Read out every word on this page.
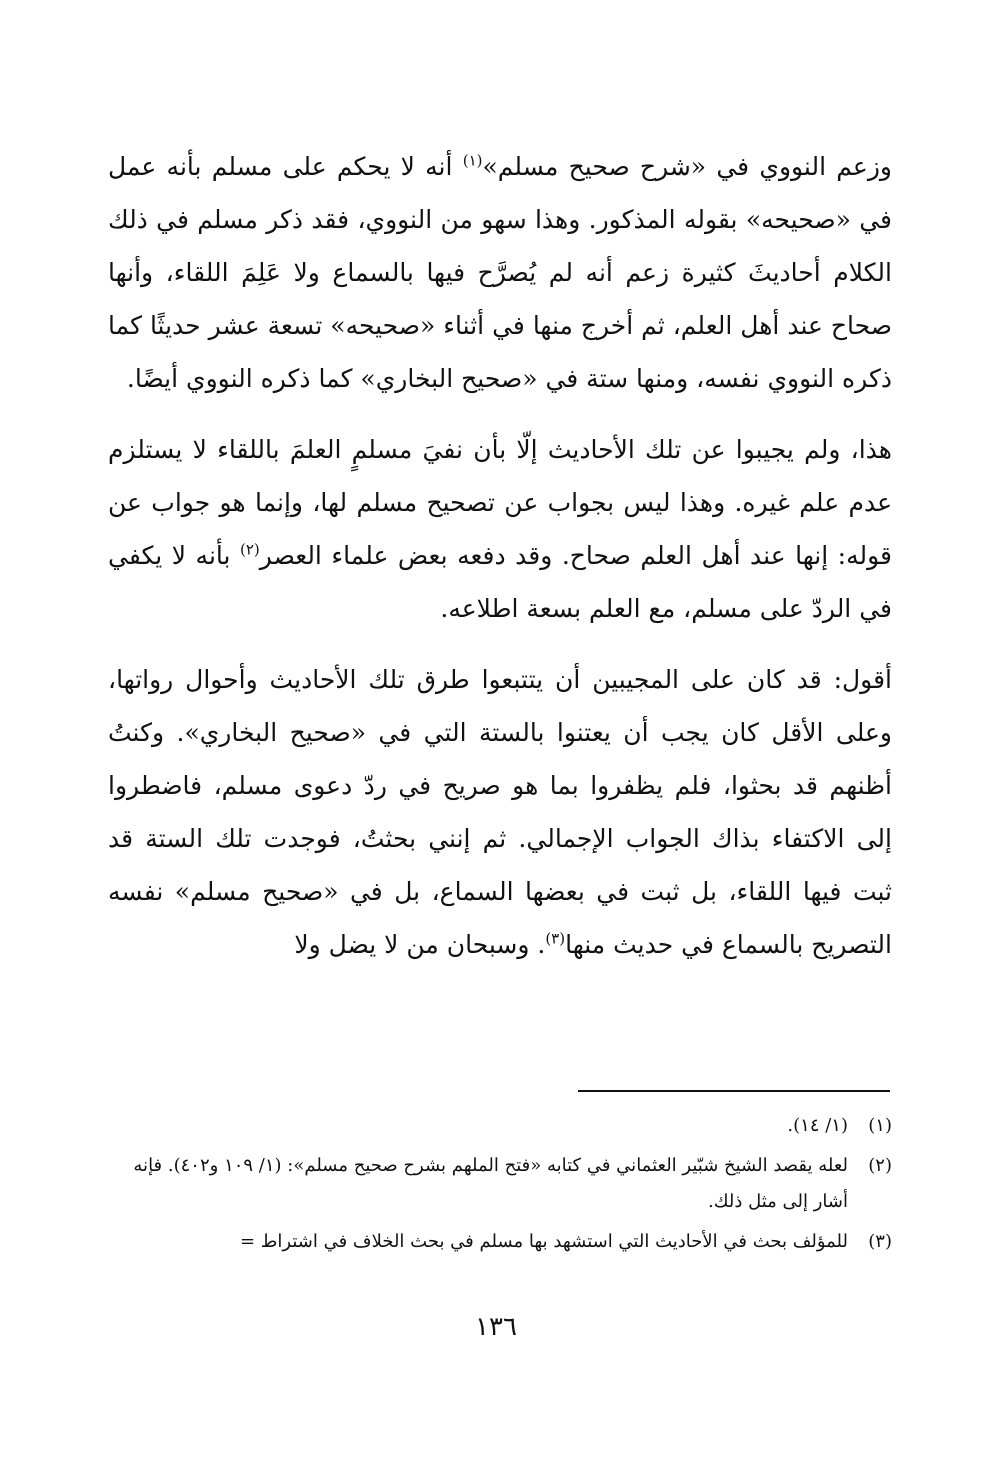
وزعم النووي في «شرح صحيح مسلم»$^{(١)}$ أنه لا يحكم على مسلم بأنه عمل في «صحيحه» بقوله المذكور. وهذا سهو من النووي، فقد ذكر مسلم في ذلك الكلام أحاديثَ كثيرة زعم أنه لم يُصرَّح فيها بالسماع ولا عَلِمَ اللقاء، وأنها صحاح عند أهل العلم، ثم أخرج منها في أثناء «صحيحه» تسعة عشر حديثًا كما ذكره النووي نفسه، ومنها ستة في «صحيح البخاري» كما ذكره النووي أيضًا.

هذا، ولم يجيبوا عن تلك الأحاديث إلّا بأن نفيَ مسلمٍ العلمَ باللقاء لا يستلزم عدم علم غيره. وهذا ليس بجواب عن تصحيح مسلم لها، وإنما هو جواب عن قوله: إنها عند أهل العلم صحاح. وقد دفعه بعض علماء العصر$^{(٢)}$ بأنه لا يكفي في الردّ على مسلم، مع العلم بسعة اطلاعه.

أقول: قد كان على المجيبين أن يتتبعوا طرق تلك الأحاديث وأحوال رواتها، وعلى الأقل كان يجب أن يعتنوا بالستة التي في «صحيح البخاري». وكنتُ أظنهم قد بحثوا، فلم يظفروا بما هو صريح في ردّ دعوى مسلم، فاضطروا إلى الاكتفاء بذاك الجواب الإجمالي. ثم إنني بحثتُ، فوجدت تلك الستة قد ثبت فيها اللقاء، بل ثبت في بعضها السماع، بل في «صحيح مسلم» نفسه التصريح بالسماع في حديث منها$^{(٣)}$. وسبحان من لا يضل ولا

(١)
(١/ ١٤).
(٢)
لعله يقصد الشيخ شبّير العثماني في كتابه «فتح الملهم بشرح صحيح مسلم»: (١/ ١٠٩ و٤٠٢). فإنه أشار إلى مثل ذلك.
(٣)
للمؤلف بحث في الأحاديث التي استشهد بها مسلم في بحث الخلاف في اشتراط =
١٣٦
